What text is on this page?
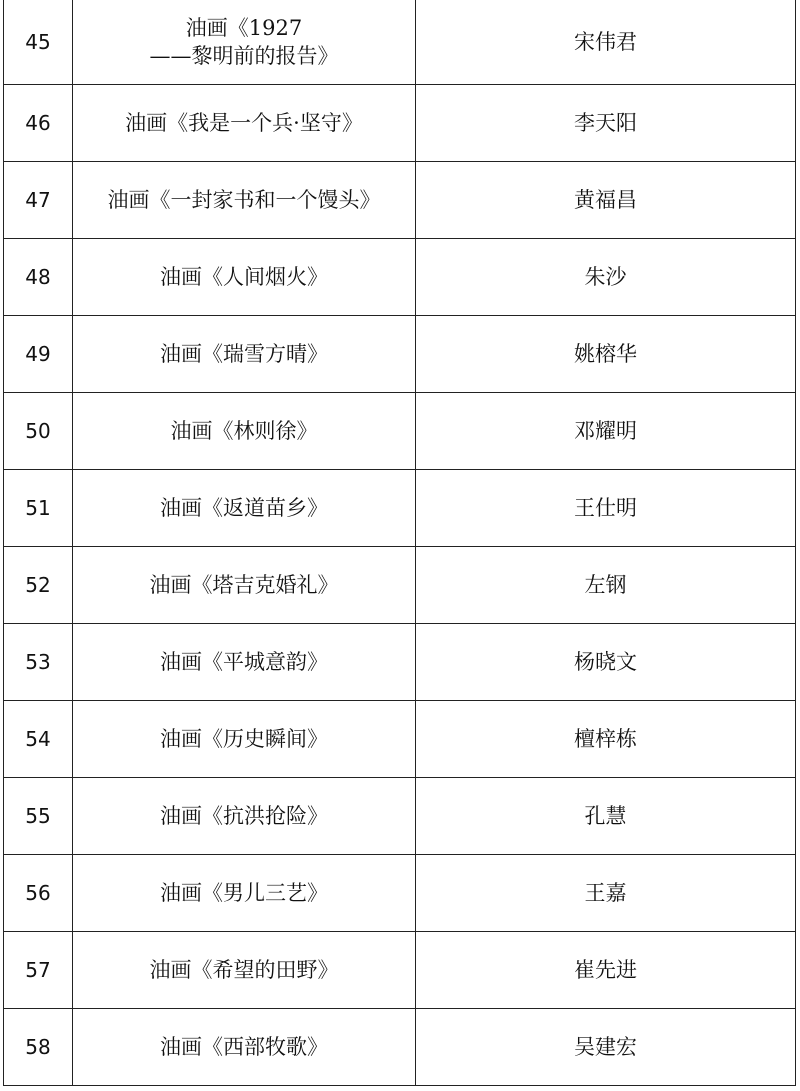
45	油画《1927
——黎明前的报告》	宋伟君
46	油画《我是一个兵·坚守》	李天阳
47	油画《一封家书和一个馒头》	黄福昌
48	油画《人间烟火》	朱沙
49	油画《瑞雪方晴》	姚榕华
50	油画《林则徐》	邓耀明
51	油画《返道苗乡》	王仕明
52	油画《塔吉克婚礼》	左钢
53	油画《平城意韵》	杨晓文
54	油画《历史瞬间》	檀梓栋
55	油画《抗洪抢险》	孔慧
56	油画《男儿三艺》	王嘉
57	油画《希望的田野》	崔先进
58	油画《西部牧歌》	吴建宏
